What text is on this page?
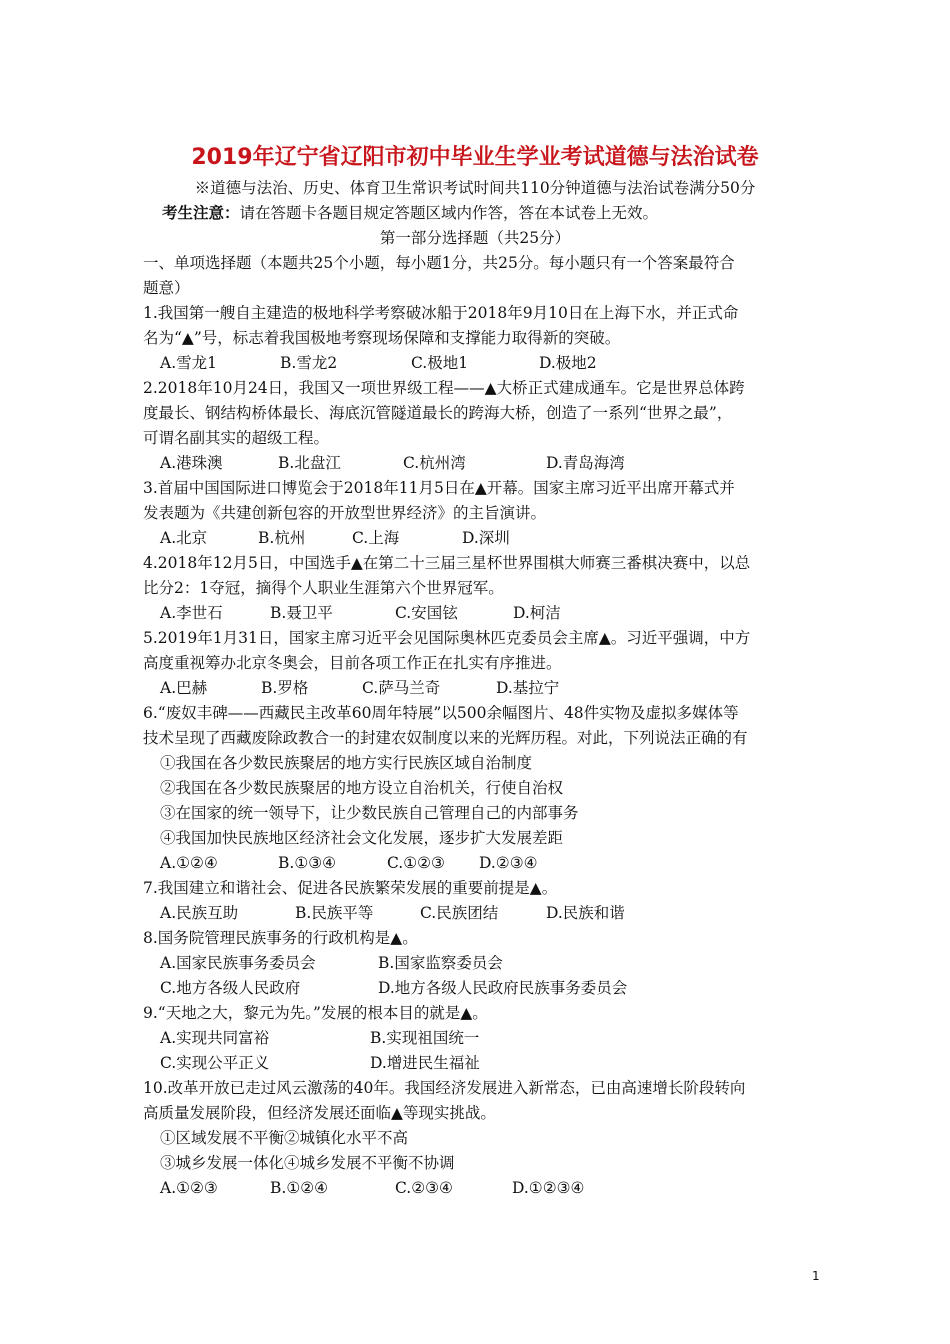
2019年辽宁省辽阳市初中毕业生学业考试道德与法治试卷
※道德与法治、历史、体育卫生常识考试时间共110分钟道德与法治试卷满分50分
考生注意：请在答题卡各题目规定答题区域内作答，答在本试卷上无效。
第一部分选择题（共25分）
一、单项选择题（本题共25个小题，每小题1分，共25分。每小题只有一个答案最符合
题意）
1.我国第一艘自主建造的极地科学考察破冰船于2018年9月10日在上海下水，并正式命
名为“▲”号，标志着我国极地考察现场保障和支撑能力取得新的突破。
A.雪龙1	B.雪龙2	C.极地1	D.极地2
2.2018年10月24日，我国又一项世界级工程——▲大桥正式建成通车。它是世界总体跨
度最长、钢结构桥体最长、海底沉管隧道最长的跨海大桥，创造了一系列“世界之最”，
可谓名副其实的超级工程。
A.港珠澳	B.北盘江	C.杭州湾	D.青岛海湾
3.首届中国国际进口博览会于2018年11月5日在▲开幕。国家主席习近平出席开幕式并
发表题为《共建创新包容的开放型世界经济》的主旨演讲。
A.北京	B.杭州	C.上海	D.深圳
4.2018年12月5日，中国选手▲在第二十三届三星杯世界围棋大师赛三番棋决赛中，以总
比分2：1夺冠，摘得个人职业生涯第六个世界冠军。
A.李世石	B.聂卫平	C.安国铉	D.柯洁
5.2019年1月31日，国家主席习近平会见国际奥林匹克委员会主席▲。习近平强调，中方
高度重视筹办北京冬奥会，目前各项工作正在扎实有序推进。
A.巴赫	B.罗格	C.萨马兰奇	D.基拉宁
6.“废奴丰碑——西藏民主改革60周年特展”以500余幅图片、48件实物及虚拟多媒体等
技术呈现了西藏废除政教合一的封建农奴制度以来的光辉历程。对此，下列说法正确的有
①我国在各少数民族聚居的地方实行民族区域自治制度
②我国在各少数民族聚居的地方设立自治机关，行使自治权
③在国家的统一领导下，让少数民族自己管理自己的内部事务
④我国加快民族地区经济社会文化发展，逐步扩大发展差距
A.①②④	B.①③④	C.①②③ D.②③④
7.我国建立和谐社会、促进各民族繁荣发展的重要前提是▲。
A.民族互助	B.民族平等	C.民族团结	D.民族和谐
8.国务院管理民族事务的行政机构是▲。
A.国家民族事务委员会	B.国家监察委员会
C.地方各级人民政府	D.地方各级人民政府民族事务委员会
9.“天地之大，黎元为先。”发展的根本目的就是▲。
A.实现共同富裕	B.实现祖国统一
C.实现公平正义	D.增进民生福祉
10.改革开放已走过风云激荡的40年。我国经济发展进入新常态，已由高速增长阶段转向
高质量发展阶段，但经济发展还面临▲等现实挑战。
①区域发展不平衡②城镇化水平不高
③城乡发展一体化④城乡发展不平衡不协调
A.①②③	B.①②④	C.②③④	D.①②③④
1
